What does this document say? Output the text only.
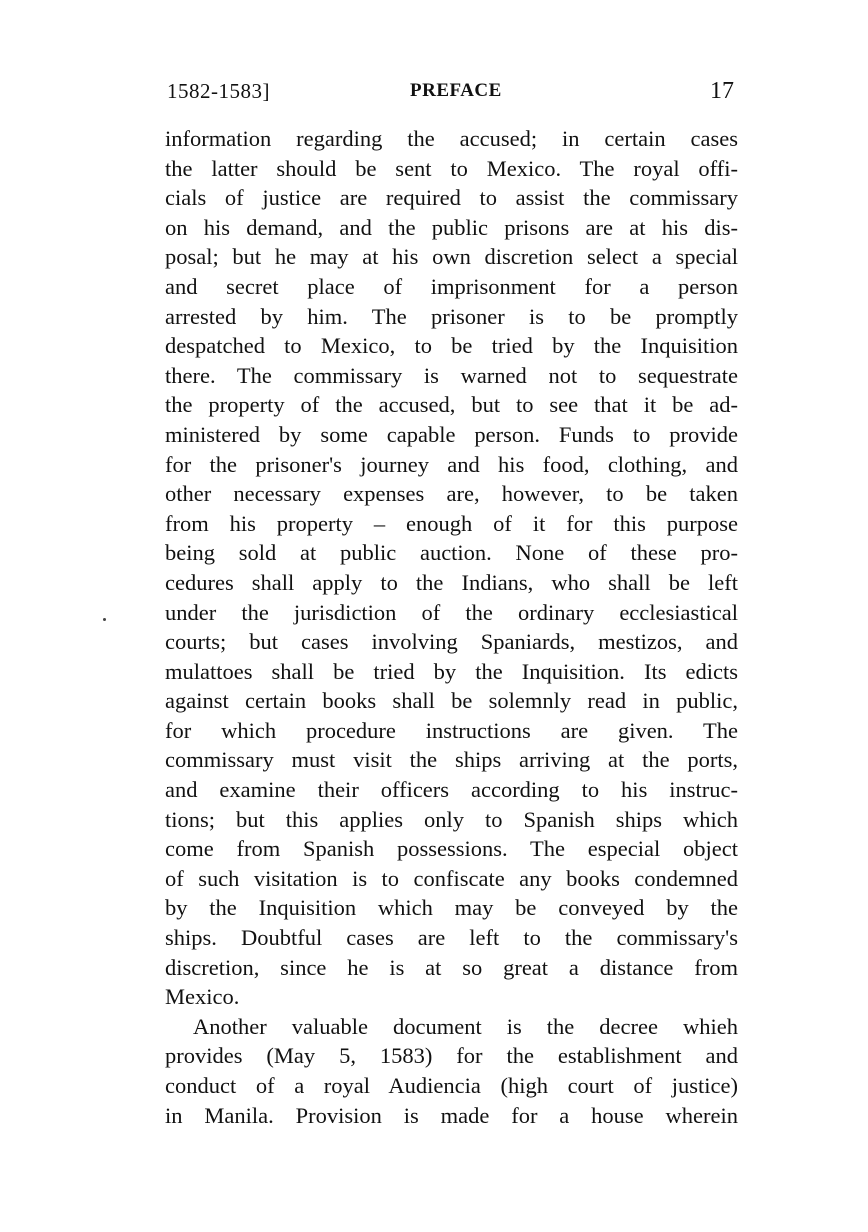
1582-1583]	PREFACE	17
information regarding the accused; in certain cases
the latter should be sent to Mexico. The royal offi-
cials of justice are required to assist the commissary
on his demand, and the public prisons are at his dis-
posal; but he may at his own discretion select a special
and secret place of imprisonment for a person
arrested by him. The prisoner is to be promptly
despatched to Mexico, to be tried by the Inquisition
there. The commissary is warned not to sequestrate
the property of the accused, but to see that it be ad-
ministered by some capable person. Funds to provide
for the prisoner's journey and his food, clothing, and
other necessary expenses are, however, to be taken
from his property – enough of it for this purpose
being sold at public auction. None of these pro-
cedures shall apply to the Indians, who shall be left
under the jurisdiction of the ordinary ecclesiastical
courts; but cases involving Spaniards, mestizos, and
mulattoes shall be tried by the Inquisition. Its edicts
against certain books shall be solemnly read in public,
for which procedure instructions are given. The
commissary must visit the ships arriving at the ports,
and examine their officers according to his instruc-
tions; but this applies only to Spanish ships which
come from Spanish possessions. The especial object
of such visitation is to confiscate any books condemned
by the Inquisition which may be conveyed by the
ships. Doubtful cases are left to the commissary's
discretion, since he is at so great a distance from
Mexico.
Another valuable document is the decree whieh
provides (May 5, 1583) for the establishment and
conduct of a royal Audiencia (high court of justice)
in Manila. Provision is made for a house wherein
